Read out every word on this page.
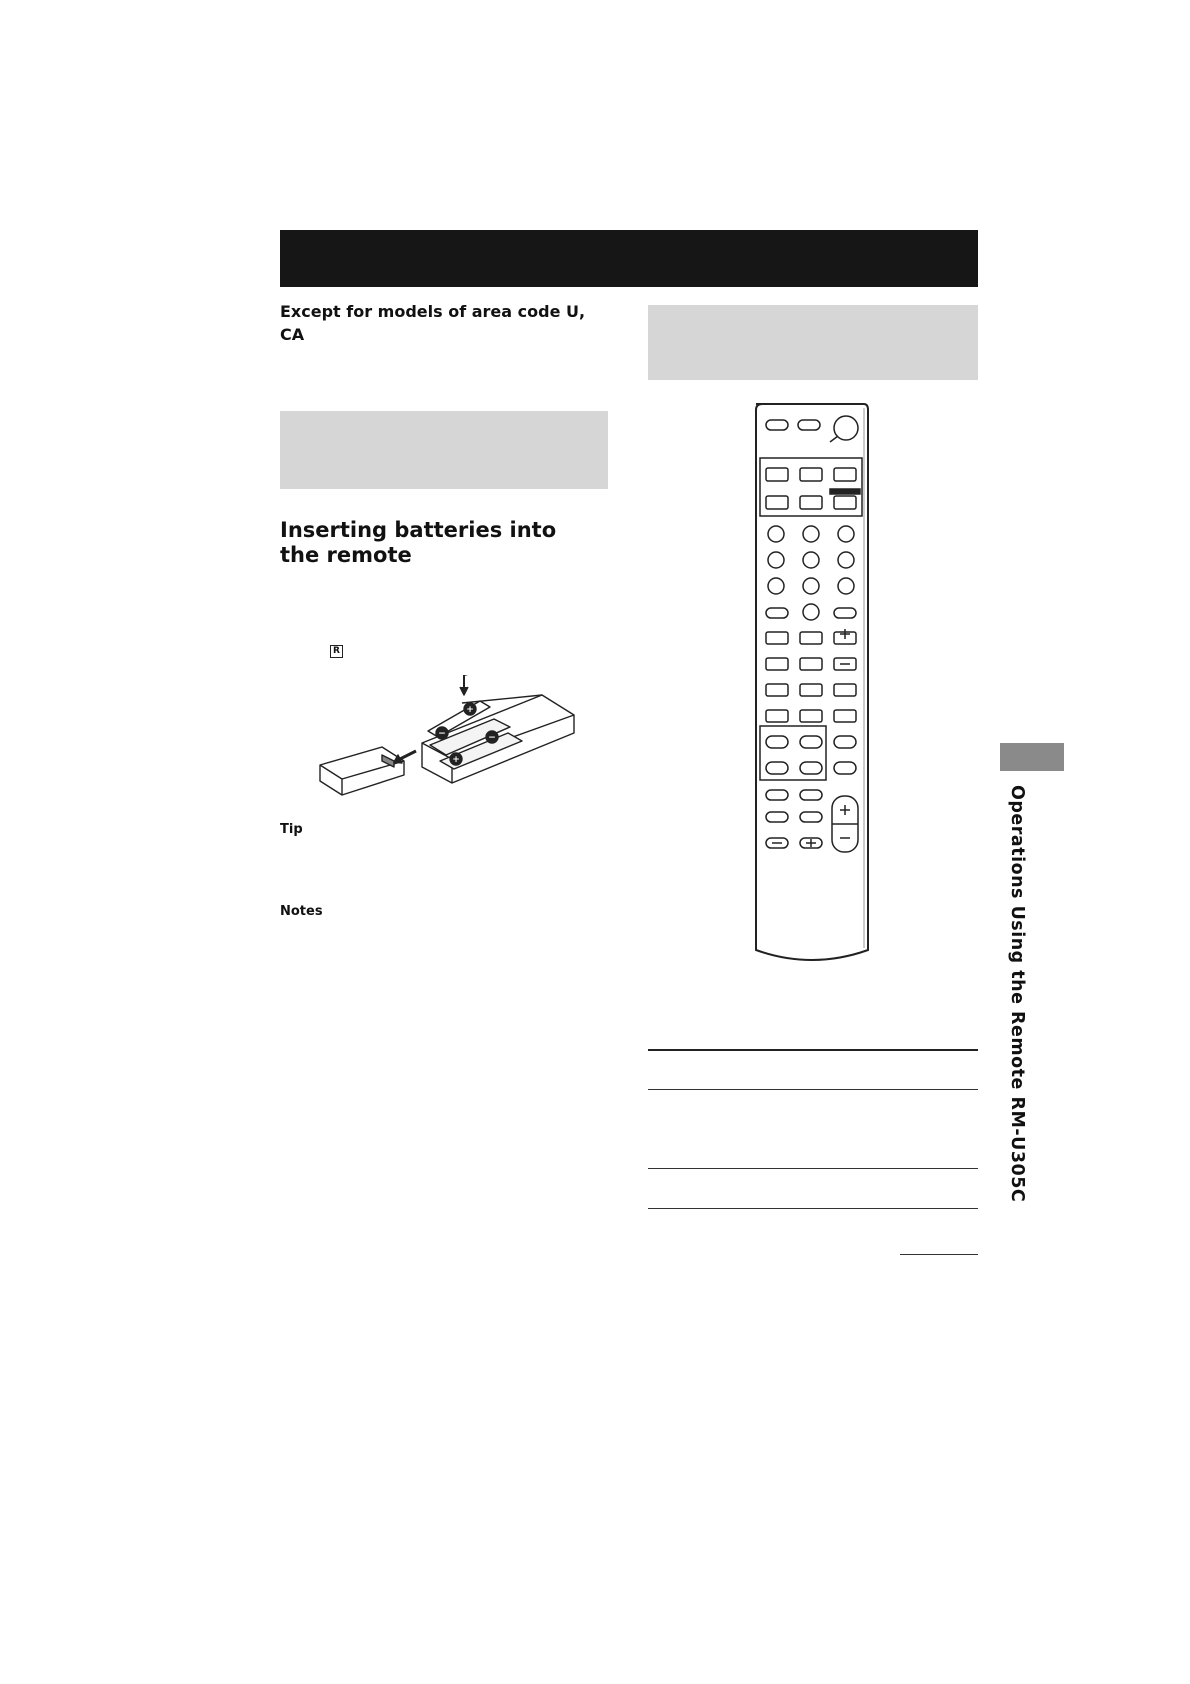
Except for models of area code U, CA
Inserting batteries into the remote
R
−
+
+
−
Tip
Notes	Operations Using the Remote RM-U305C
